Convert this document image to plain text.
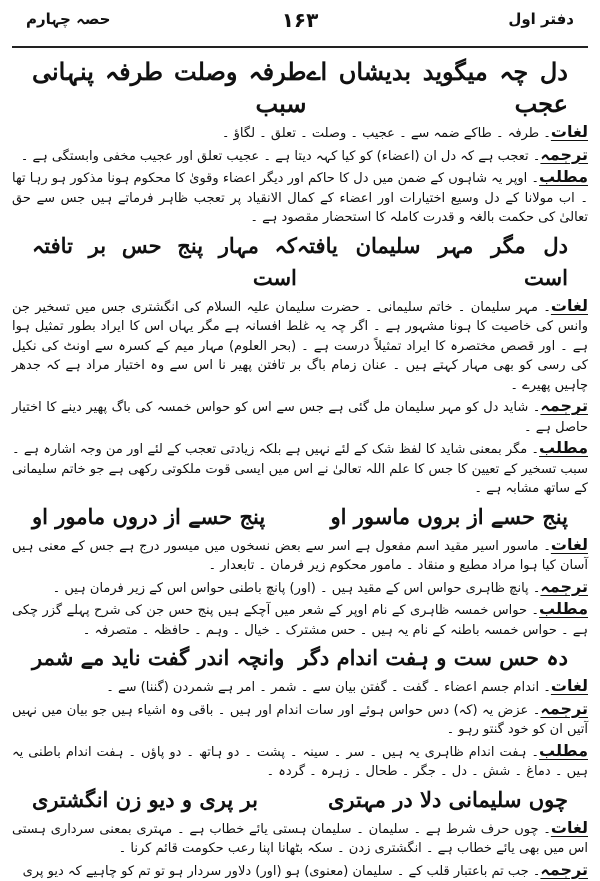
دفتر اول
۱۶۳
حصہ چہارم
دل چہ میگوید بدیشاں اے عجب
طرفہ وصلت طرفہ پنہانی سبب

لغات۔ طرفہ ۔ طاکے ضمہ سے ۔ عجیب ۔ وصلت ۔ تعلق ۔ لگاؤ ۔

ترجمہ۔ تعجب ہے کہ دل ان (اعضاء) کو کیا کہہ دیتا ہے ۔ عجیب تعلق اور عجیب مخفی وابستگی ہے ۔

مطلب۔ اوپر یہ شاہوں کے ضمن میں دل کا حاکم اور دیگر اعضاء وقویٰ کا محکوم ہونا مذکور ہو رہا تھا ۔ اب مولانا کے دل وسیع اختیارات اور اعضاء کے کمال الانقیاد پر تعجب ظاہر فرماتے ہیں جس سے حق تعالیٰ کی حکمت بالغہ و قدرت کاملہ کا استحضار مقصود ہے ۔

دل مگر مہر سلیمان یافتہ است
کہ مہار پنج حس بر تافتہ است

لغات۔ مہر سلیمان ۔ خاتم سلیمانی ۔ حضرت سلیمان علیہ السلام کی انگشتری جس میں تسخیر جن وانس کی خاصیت کا ہونا مشہور ہے ۔ اگر چہ یہ غلط افسانہ ہے مگر یہاں اس کا ایراد بطور تمثیل ہوا ہے ۔ اور قصص مختصرہ کا ایراد تمثیلاً درست ہے ۔ (بحر العلوم) مہار میم کے کسرہ سے اونٹ کی نکیل کی رسی کو بھی مہار کہتے ہیں ۔ عنان زمام باگ بر تافتن پھیر نا اس سے وہ اختیار مراد ہے کہ جدھر چاہیں پھیرے ۔

ترجمہ۔ شاید دل کو مہر سلیمان مل گئی ہے جس سے اس کو حواس خمسہ کی باگ پھیر دینے کا اختیار حاصل ہے ۔

مطلب۔ مگر بمعنی شاید کا لفظ شک کے لئے نہیں ہے بلکہ زیادتی تعجب کے لئے اور من وجہ اشارہ ہے ۔ سبب تسخیر کے تعیین کا جس کا علم اللہ تعالیٰ نے اس میں ایسی قوت ملکوتی رکھی ہے جو خاتم سلیمانی کے ساتھ مشابہ ہے ۔

پنج حسے از بروں ماسور او
پنج حسے از دروں مامور او

لغات۔ ماسور اسیر مقید اسم مفعول ہے اسر سے بعض نسخوں میں میسور درج ہے جس کے معنی ہیں آسان کیا ہوا مراد مطیع و منقاد ۔ مامور محکوم زیر فرمان ۔ تابعدار ۔

ترجمہ۔ پانچ ظاہری حواس اس کے مقید ہیں ۔ (اور) پانچ باطنی حواس اس کے زیر فرمان ہیں ۔

مطلب۔ حواس خمسہ ظاہری کے نام اوپر کے شعر میں آچکے ہیں پنج حس جن کی شرح پہلے گزر چکی ہے ۔ حواس خمسہ باطنہ کے نام یہ ہیں ۔ حس مشترک ۔ خیال ۔ وہم ۔ حافظہ ۔ متصرفہ ۔

دہ حس ست و ہفت اندام دگر
وانچہ اندر گفت ناید مے شمر

لغات۔ اندام جسم اعضاء ۔ گفت ۔ گفتن بیان سے ۔ شمر ۔ امر ہے شمردن (گننا) سے ۔

ترجمہ۔ عزض یہ (کہ) دس حواس ہوئے اور سات اندام اور ہیں ۔ باقی وہ اشیاء ہیں جو بیان میں نہیں آتیں ان کو خود گنتو رہو ۔

مطلب۔ ہفت اندام ظاہری یہ ہیں ۔ سر ۔ سینہ ۔ پشت ۔ دو ہاتھ ۔ دو پاؤں ۔ ہفت اندام باطنی یہ ہیں ۔ دماغ ۔ شش ۔ دل ۔ جگر ۔ طحال ۔ زہرہ ۔ گردہ ۔

چوں سلیمانی دلا در مہتری
بر پری و دیو زن انگشتری

لغات۔ چوں حرف شرط ہے ۔ سلیمان ۔ سلیمان ہستی یائے خطاب ہے ۔ مہتری بمعنی سرداری ہستی اس میں بھی یائے خطاب ہے ۔ انگشتری زدن ۔ سکہ بٹھانا اپنا رعب حکومت قائم کرنا ۔

ترجمہ۔ جب تم باعتبار قلب کے ۔ سلیمان (معنوی) ہو (اور) دلاور سردار ہو تو تم کو چاہیے کہ دیو پری
